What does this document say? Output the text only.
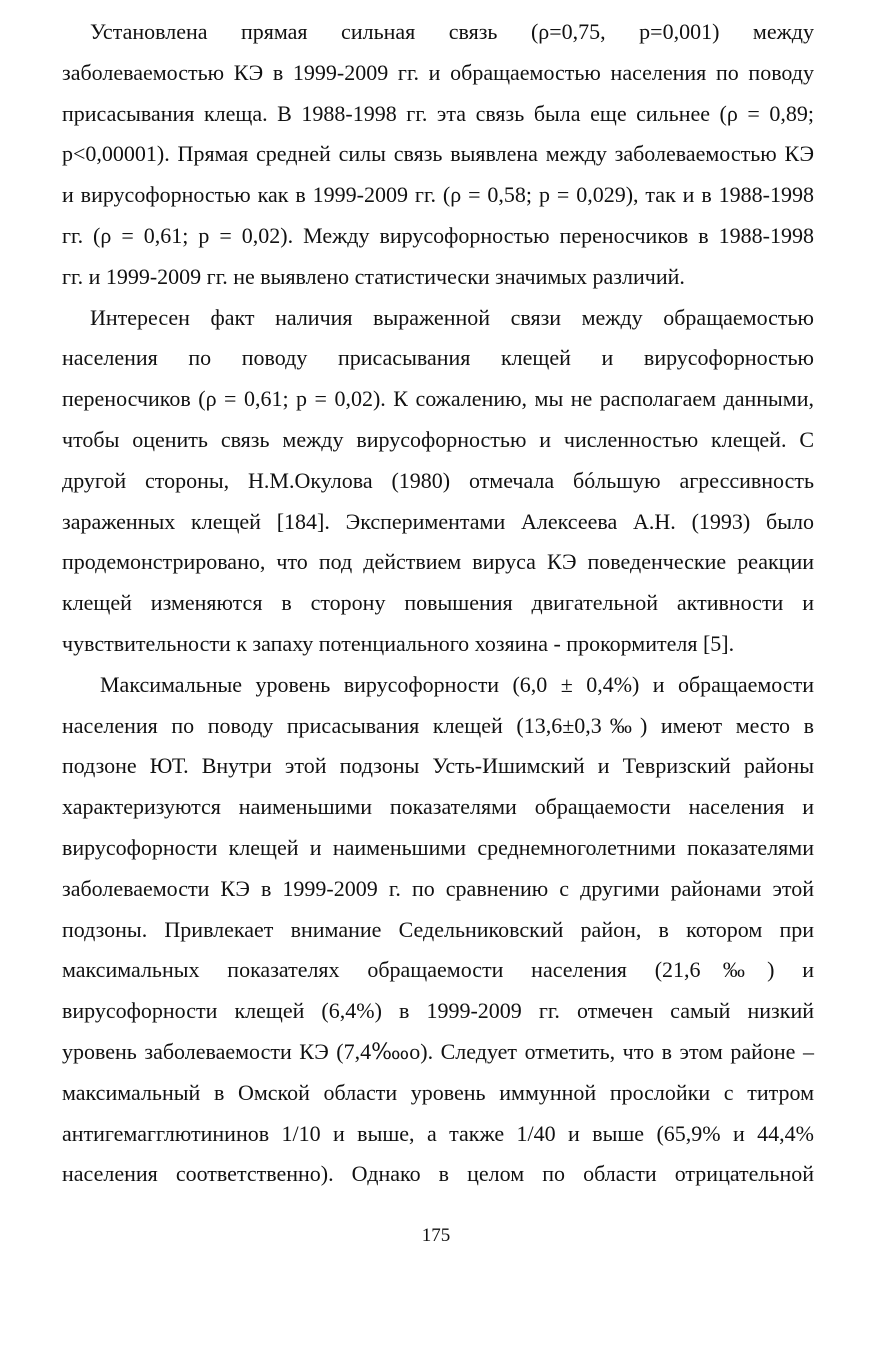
Установлена прямая сильная связь (ρ=0,75, p=0,001) между
заболеваемостью КЭ в 1999-2009 гг. и обращаемостью населения по поводу
присасывания клеща. В 1988-1998 гг. эта связь была еще сильнее (ρ = 0,89;
p<0,00001). Прямая средней силы связь выявлена между заболеваемостью КЭ
и вирусофорностью как в 1999-2009 гг. (ρ = 0,58; p = 0,029), так и в 1988-1998
гг. (ρ = 0,61; p = 0,02). Между вирусофорностью переносчиков в 1988-1998
гг. и 1999-2009 гг. не выявлено статистически значимых различий.

Интересен факт наличия выраженной связи между обращаемостью
населения по поводу присасывания клещей и вирусофорностью
переносчиков (ρ = 0,61; p = 0,02). К сожалению, мы не располагаем данными,
чтобы оценить связь между вирусофорностью и численностью клещей. С
другой стороны, Н.М.Окулова (1980) отмечала бóльшую агрессивность
зараженных клещей [184]. Экспериментами Алексеева А.Н. (1993) было
продемонстрировано, что под действием вируса КЭ поведенческие реакции
клещей изменяются в сторону повышения двигательной активности и
чувствительности к запаху потенциального хозяина - прокормителя [5].

Максимальные уровень вирусофорности (6,0 ± 0,4%) и обращаемости
населения по поводу присасывания клещей (13,6±0,3‰) имеют место в
подзоне ЮТ. Внутри этой подзоны Усть-Ишимский и Тевризский районы
характеризуются наименьшими показателями обращаемости населения и
вирусофорности клещей и наименьшими среднемноголетними показателями
заболеваемости КЭ в 1999-2009 г. по сравнению с другими районами этой
подзоны. Привлекает внимание Седельниковский район, в котором при
максимальных показателях обращаемости населения (21,6‰) и
вирусофорности клещей (6,4%) в 1999-2009 гг. отмечен самый низкий
уровень заболеваемости КЭ (7,4‱о). Следует отметить, что в этом районе –
максимальный в Омской области уровень иммунной прослойки с титром
антигемагглютининов 1/10 и выше, а также 1/40 и выше (65,9% и 44,4%
населения соответственно). Однако в целом по области отрицательной

175
